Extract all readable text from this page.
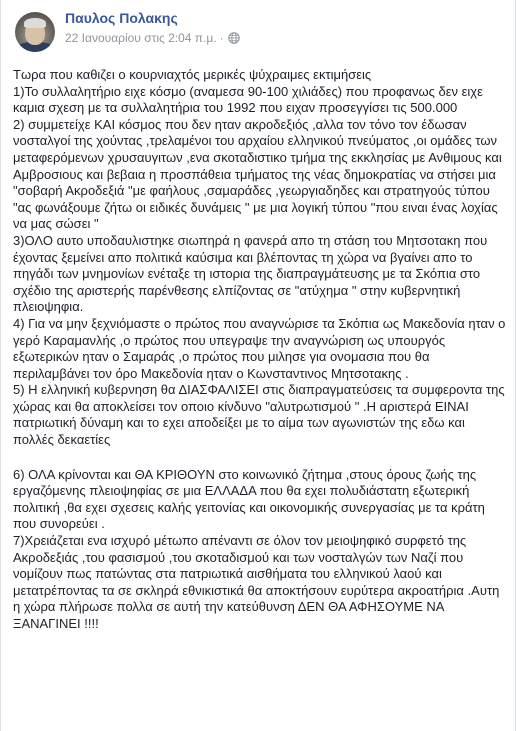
Παυλος Πολακης
22 Ιανουαρίου στις 2:04 π.μ. ·

Τωρα που καθιζει ο κουρνιαχτός μερικές ψύχραιμες εκτιμήσεις
1)Το συλλαλητήριο ειχε κόσμο (αναμεσα 90-100 χιλιάδες) που προφανως δεν ειχε καμια σχεση με τα συλλαλητήρια του 1992 που ειχαν προσεγγίσει τις 500.000
2) συμμετείχε ΚΑΙ κόσμος που δεν ηταν ακροδεξιός ,αλλα τον τόνο τον έδωσαν νοσταλγοί της χούντας ,τρελαμένοι του αρχαίου ελληνικού πνεύματος ,οι ομάδες των μεταφερόμενων χρυσαυγιτων ,ενα σκοταδιστικο τμήμα της εκκλησίας με Ανθιμους και Αμβροσιους και βεβαια η προσπάθεια τμήματος της νέας δημοκρατίας να στήσει μια "σοβαρή Ακροδεξιά "με φαήλους ,σαμαράδες ,γεωργιαδηδες και στρατηγούς τύπου "ας φωνάξουμε ζήτω οι ειδικές δυνάμεις " με μια λογική τύπου "που ειναι ένας λοχίας να μας σώσει "
3)ΟΛΟ αυτο υποδαυλιστηκε σιωπηρά η φανερά απο τη στάση του Μητσοτακη που έχοντας ξεμείνει απο πολιτικά καύσιμα και βλέποντας τη χώρα να βγαίνει απο το πηγάδι των μνημονίων ενέταξε τη ιστορια της διαπραγμάτευσης με τα Σκόπια στο σχέδιο της αριστερής παρένθεσης ελπίζοντας σε "ατύχημα " στην κυβερνητική πλειοψηφια.
4) Για να μην ξεχνιόμαστε ο πρώτος που αναγνώρισε τα Σκόπια ως Μακεδονία ηταν ο γερό Καραμανλής ,ο πρώτος που υπεγραψε την αναγνώριση ως υπουργός εξωτερικών ηταν ο Σαμαράς ,ο πρώτος που μιλησε για ονομασια που θα περιλαμβάνει τον όρο Μακεδονία ηταν ο Κωνσταντινος Μητσοτακης .
5) Η ελληνική κυβερνηση θα ΔΙΑΣΦΑΛΙΣΕΙ στις διαπραγματεύσεις τα συμφεροντα της χώρας και θα αποκλείσει τον οποιο κίνδυνο "αλυτρωτισμού " .Η αριστερά ΕΙΝΑΙ πατριωτική δύναμη και το εχει αποδείξει με το αίμα των αγωνιστών της εδω και πολλές δεκαετίες

6) ΟΛΑ κρίνονται και ΘΑ ΚΡΙΘΟΥΝ στο κοινωνικό ζήτημα ,στους όρους ζωής της εργαζόμενης πλειοψηφίας σε μια ΕΛΛΑΔΑ που θα εχει πολυδιάστατη εξωτερική πολιτική ,θα εχει σχεσεις καλής γειτονίας και οικονομικής συνεργασίας με τα κράτη που συνορεύει .
7)Χρειάζεται ενα ισχυρό μέτωπο απέναντι σε όλον τον μειοψηφικό συρφετό της Ακροδεξιάς ,του φασισμού ,του σκοταδισμού και των νοσταλγών των Ναζί που νομίζουν πως πατώντας στα πατριωτικά αισθήματα του ελληνικού λαού και μετατρέποντας τα σε σκληρά εθνικιστικά θα αποκτήσουν ευρύτερα ακροατήρια .Αυτη η χώρα πλήρωσε πολλα σε αυτή την κατεύθυνση ΔΕΝ ΘΑ ΑΦΗΣΟΥΜΕ ΝΑ ΞΑΝΑΓΙΝΕΙ !!!!
